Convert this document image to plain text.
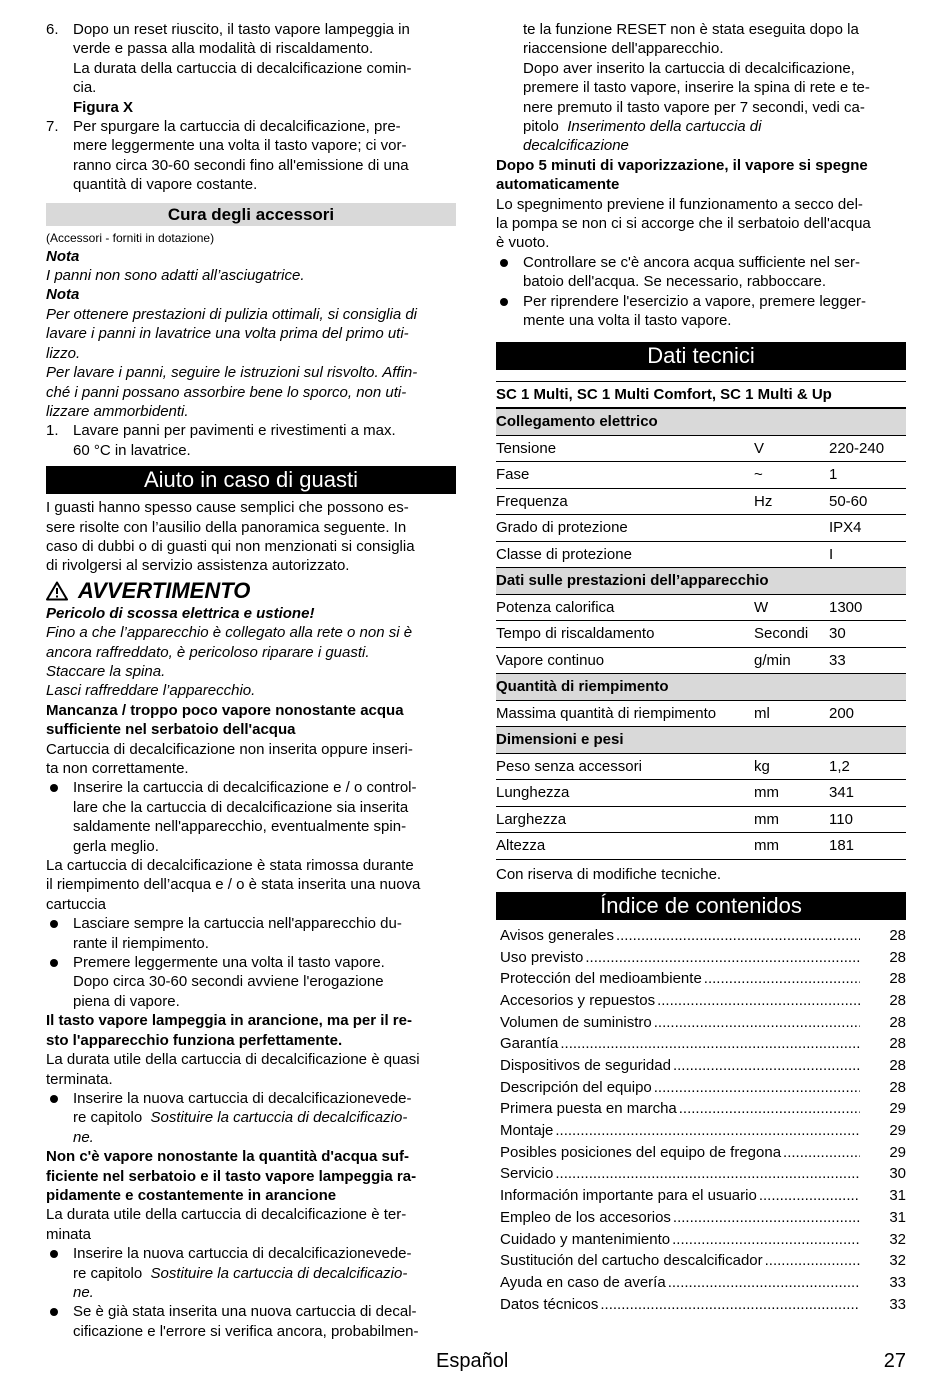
6. Dopo un reset riuscito, il tasto vapore lampeggia in

verde e passa alla modalità di riscaldamento.

La durata della cartuccia di decalcificazione comin-

cia.

Figura X

7. Per spurgare la cartuccia di decalcificazione, pre-

mere leggermente una volta il tasto vapore; ci vor-

ranno circa 30-60 secondi fino all'emissione di una

quantità di vapore costante.

Cura degli accessori

(Accessori - forniti in dotazione)

Nota

I panni non sono adatti all’asciugatrice.

Nota

Per ottenere prestazioni di pulizia ottimali, si consiglia di

lavare i panni in lavatrice una volta prima del primo uti-

lizzo.

Per lavare i panni, seguire le istruzioni sul risvolto. Affin-

ché i panni possano assorbire bene lo sporco, non uti-

lizzare ammorbidenti.

1. Lavare panni per pavimenti e rivestimenti a max.

60 °C in lavatrice.

Aiuto in caso di guasti

I guasti hanno spesso cause semplici che possono es-

sere risolte con l’ausilio della panoramica seguente. In

caso di dubbi o di guasti qui non menzionati si consiglia

di rivolgersi al servizio assistenza autorizzato.

AVVERTIMENTO

Pericolo di scossa elettrica e ustione!

Fino a che l’apparecchio è collegato alla rete o non si è

ancora raffreddato, è pericoloso riparare i guasti.

Staccare la spina.

Lasci raffreddare l’apparecchio.

Mancanza / troppo poco vapore nonostante acqua

sufficiente nel serbatoio dell'acqua

Cartuccia di decalcificazione non inserita oppure inseri-

ta non correttamente.

Inserire la cartuccia di decalcificazione e / o control-

lare che la cartuccia di decalcificazione sia inserita

saldamente nell'apparecchio, eventualmente spin-

gerla meglio.

La cartuccia di decalcificazione è stata rimossa durante

il riempimento dell’acqua e / o è stata inserita una nuova

cartuccia

Lasciare sempre la cartuccia nell'apparecchio du-

rante il riempimento.

Premere leggermente una volta il tasto vapore.

Dopo circa 30-60 secondi avviene l'erogazione

piena di vapore.

Il tasto vapore lampeggia in arancione, ma per il re-

sto l'apparecchio funziona perfettamente.

La durata utile della cartuccia di decalcificazione è quasi

terminata.

Inserire la nuova cartuccia di decalcificazionevede-

re capitolo  Sostituire la cartuccia di decalcificazio-

ne.

Non c'è vapore nonostante la quantità d'acqua suf-

ficiente nel serbatoio e il tasto vapore lampeggia ra-

pidamente e costantemente in arancione

La durata utile della cartuccia di decalcificazione è ter-

minata

Inserire la nuova cartuccia di decalcificazionevede-

re capitolo  Sostituire la cartuccia di decalcificazio-

ne.

Se è già stata inserita una nuova cartuccia di decal-

cificazione e l'errore si verifica ancora, probabilmen-

te la funzione RESET non è stata eseguita dopo la

riaccensione dell'apparecchio.

Dopo aver inserito la cartuccia di decalcificazione,

premere il tasto vapore, inserire la spina di rete e te-

nere premuto il tasto vapore per 7 secondi, vedi ca-

pitolo  Inserimento della cartuccia di

decalcificazione

Dopo 5 minuti di vaporizzazione, il vapore si spegne

automaticamente

Lo spegnimento previene il funzionamento a secco del-

la pompa se non ci si accorge che il serbatoio dell'acqua

è vuoto.

Controllare se c'è ancora acqua sufficiente nel ser-

batoio dell'acqua. Se necessario, rabboccare.

Per riprendere l'esercizio a vapore, premere legger-

mente una volta il tasto vapore.

Dati tecnici
SC 1 Multi, SC 1 Multi Comfort, SC 1 Multi & Up		
Collegamento elettrico		
Tensione	V	220-240
Fase	~	1
Frequenza	Hz	50-60
Grado di protezione		IPX4
Classe di protezione		I
Dati sulle prestazioni dell’apparecchio		
Potenza calorifica	W	1300
Tempo di riscaldamento	Secondi	30
Vapore continuo	g/min	33
Quantità di riempimento		
Massima quantità di riempimento	ml	200
Dimensioni e pesi		
Peso senza accessori	kg	1,2
Lunghezza	mm	341
Larghezza	mm	110
Altezza	mm	181

Con riserva di modifiche tecniche.

Índice de contenidos
Avisos generales .....	28
Uso previsto .....	28
Protección del medioambiente .....	28
Accesorios y repuestos .....	28
Volumen de suministro .....	28
Garantía .....	28
Dispositivos de seguridad .....	28
Descripción del equipo .....	28
Primera puesta en marcha .....	29
Montaje .....	29
Posibles posiciones del equipo de fregona .....	29
Servicio .....	30
Información importante para el usuario .....	31
Empleo de los accesorios .....	31
Cuidado y mantenimiento .....	32
Sustitución del cartucho descalcificador .....	32
Ayuda en caso de avería .....	33
Datos técnicos .....	33
Español	27
